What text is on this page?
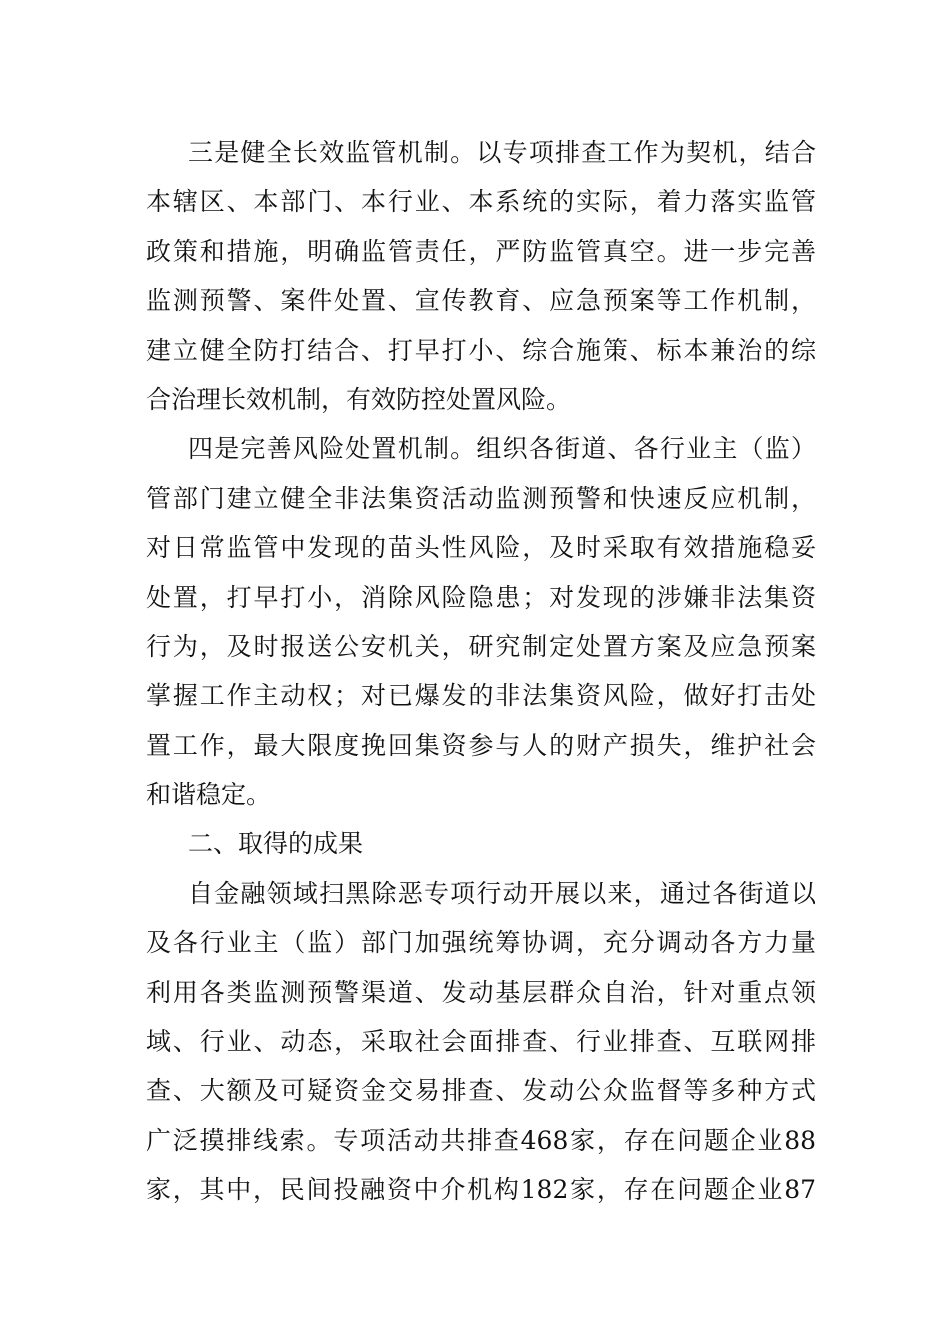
三是健全长效监管机制。以专项排查工作为契机，结合
本辖区、本部门、本行业、本系统的实际，着力落实监管
政策和措施，明确监管责任，严防监管真空。进一步完善
监测预警、案件处置、宣传教育、应急预案等工作机制，
建立健全防打结合、打早打小、综合施策、标本兼治的综
合治理长效机制，有效防控处置风险。
四是完善风险处置机制。组织各街道、各行业主（监）
管部门建立健全非法集资活动监测预警和快速反应机制，
对日常监管中发现的苗头性风险，及时采取有效措施稳妥
处置，打早打小，消除风险隐患；对发现的涉嫌非法集资
行为，及时报送公安机关，研究制定处置方案及应急预案
掌握工作主动权；对已爆发的非法集资风险，做好打击处
置工作，最大限度挽回集资参与人的财产损失，维护社会
和谐稳定。
二、取得的成果
自金融领域扫黑除恶专项行动开展以来，通过各街道以
及各行业主（监）部门加强统筹协调，充分调动各方力量
利用各类监测预警渠道、发动基层群众自治，针对重点领
域、行业、动态，采取社会面排查、行业排查、互联网排
查、大额及可疑资金交易排查、发动公众监督等多种方式
广泛摸排线索。专项活动共排查468家，存在问题企业88
家，其中，民间投融资中介机构182家，存在问题企业87
